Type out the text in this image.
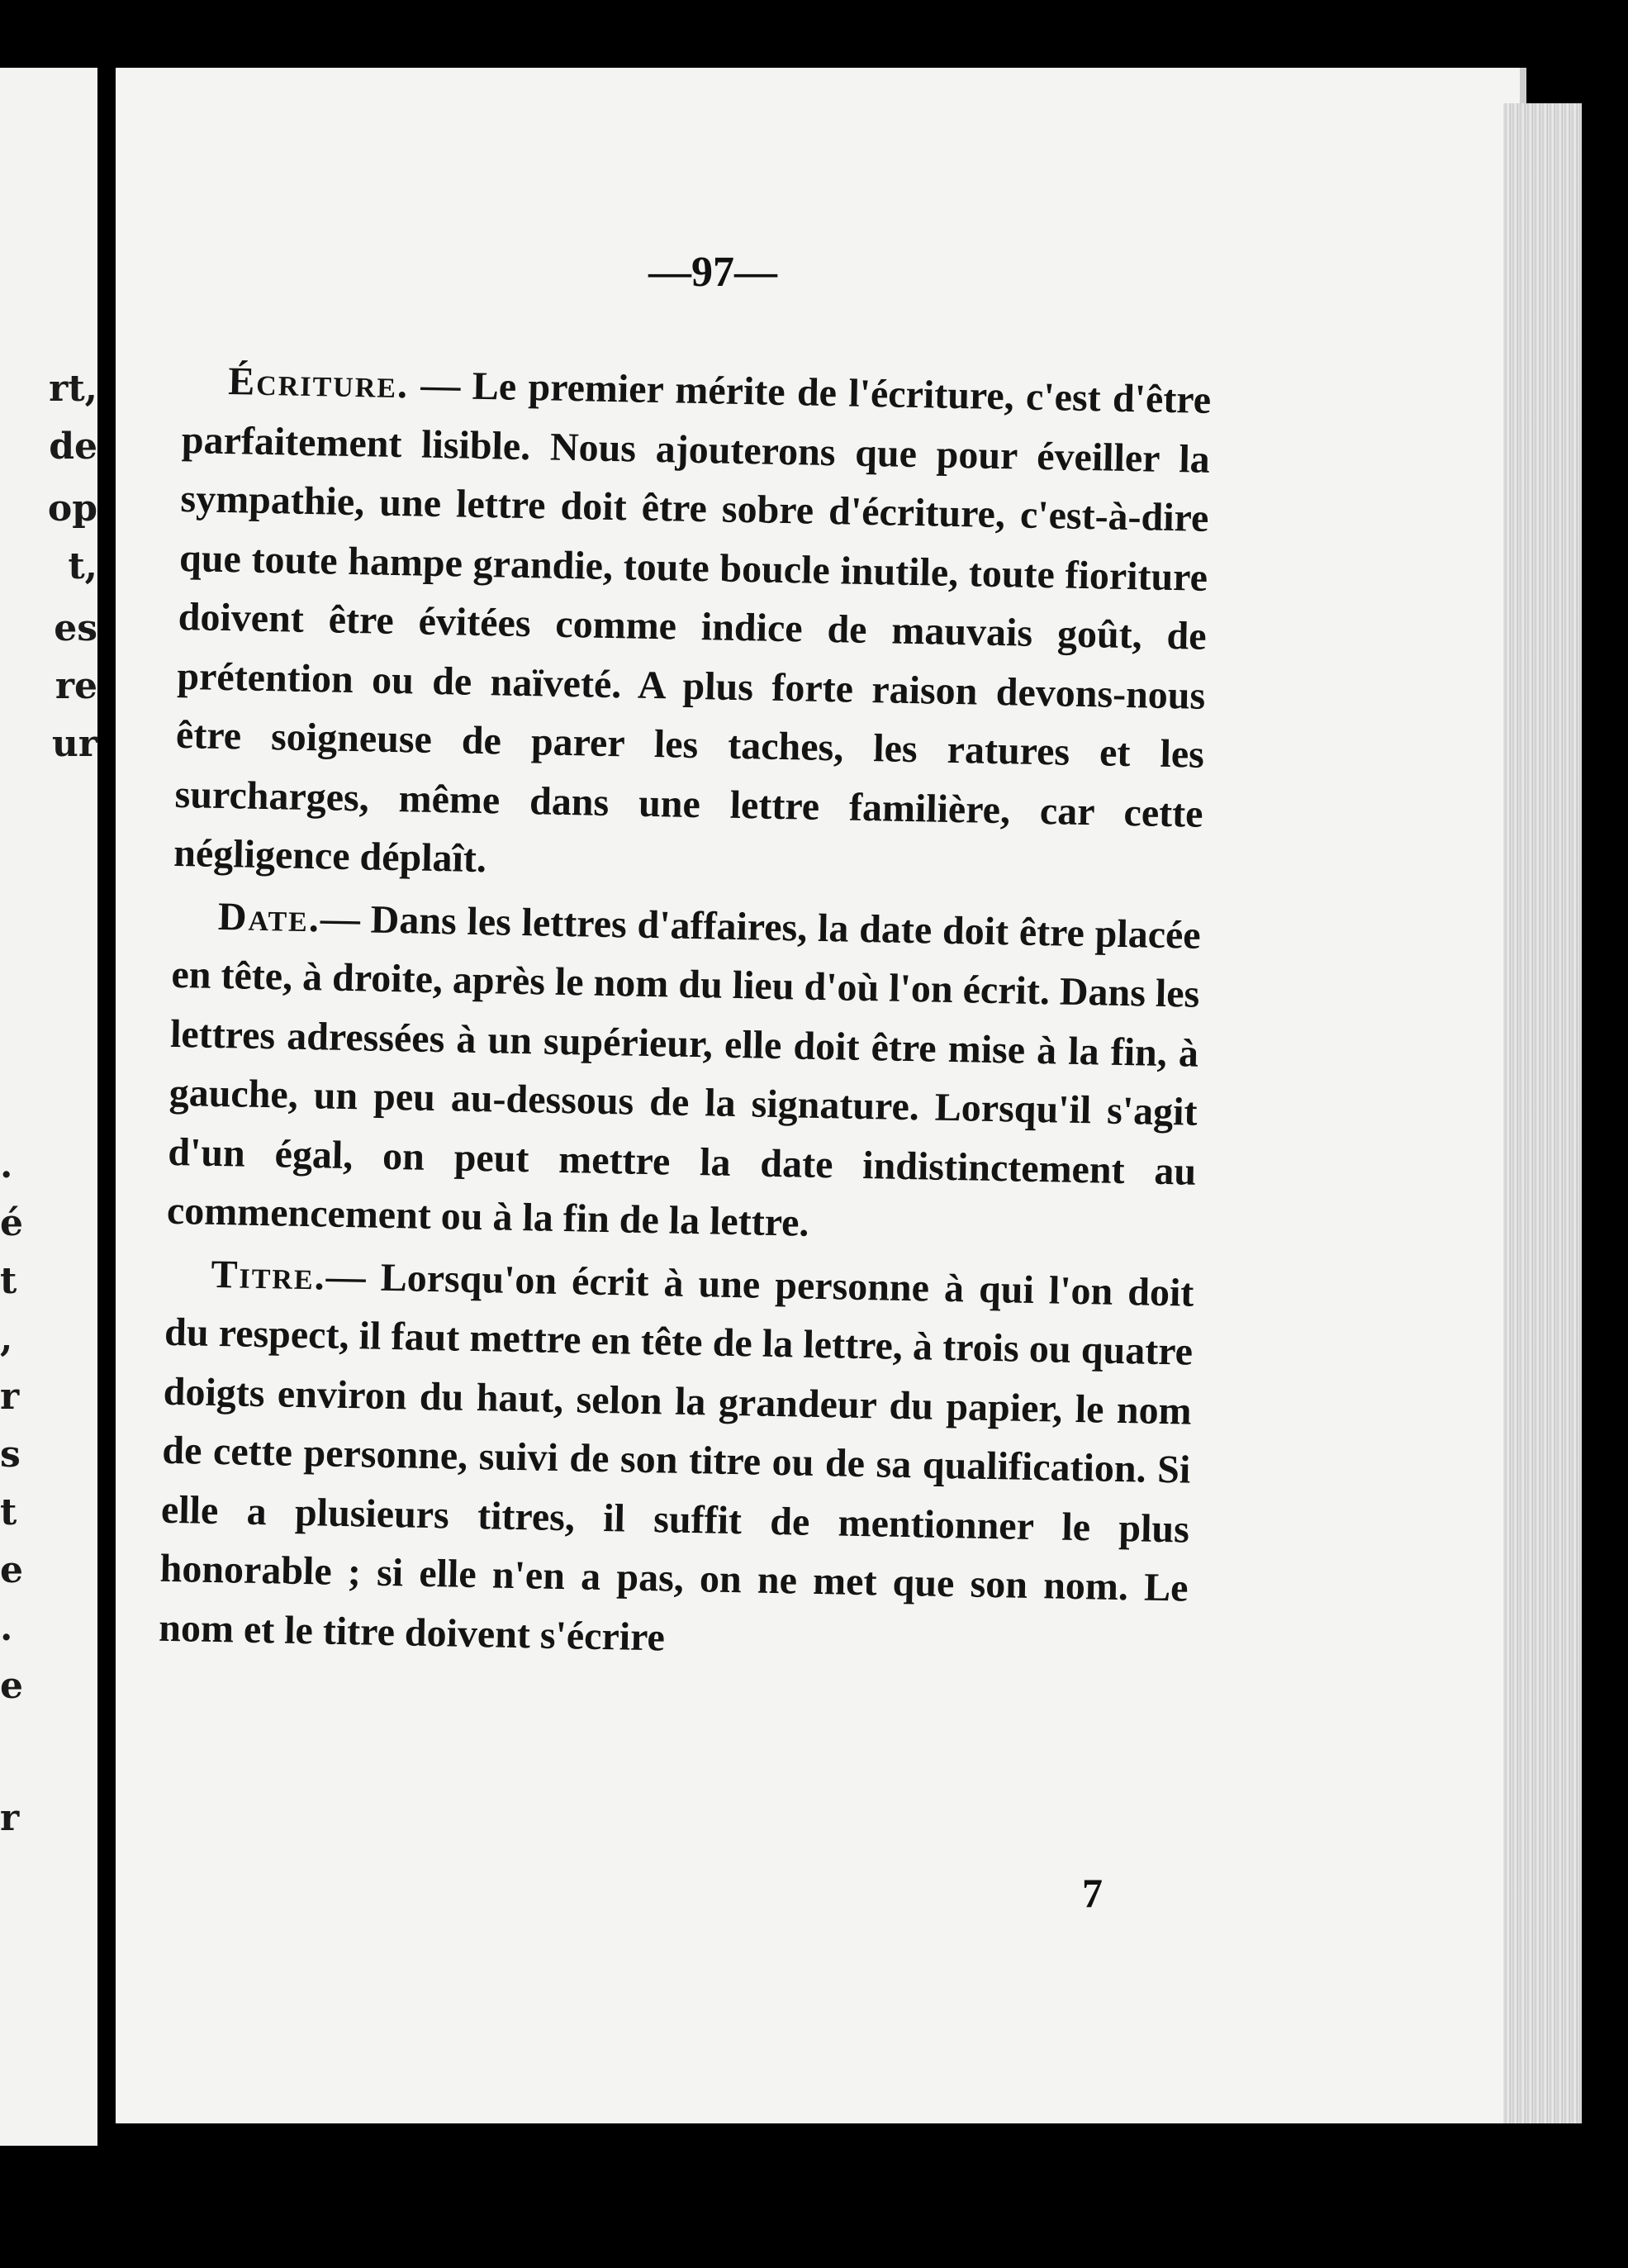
rt,
de
op
t,
es
re
ur
.
é
t
,
r
s
t
e
.
e
r
—97—

Écriture. — Le premier mérite de l'écriture, c'est d'être parfaitement lisible. Nous ajouterons que pour éveiller la sympathie, une lettre doit être sobre d'écriture, c'est-à-dire que toute hampe grandie, toute boucle inutile, toute fioriture doivent être évitées comme indice de mauvais goût, de prétention ou de naïveté. A plus forte raison devons-nous être soigneuse de parer les taches, les ratures et les surcharges, même dans une lettre familière, car cette négligence déplaît.

Date.— Dans les lettres d'affaires, la date doit être placée en tête, à droite, après le nom du lieu d'où l'on écrit. Dans les lettres adressées à un supérieur, elle doit être mise à la fin, à gauche, un peu au-dessous de la signature. Lorsqu'il s'agit d'un égal, on peut mettre la date indistinctement au commencement ou à la fin de la lettre.

Titre.— Lorsqu'on écrit à une personne à qui l'on doit du respect, il faut mettre en tête de la lettre, à trois ou quatre doigts environ du haut, selon la grandeur du papier, le nom de cette personne, suivi de son titre ou de sa qualification. Si elle a plusieurs titres, il suffit de mentionner le plus honorable ; si elle n'en a pas, on ne met que son nom. Le nom et le titre doivent s'écrire

7
